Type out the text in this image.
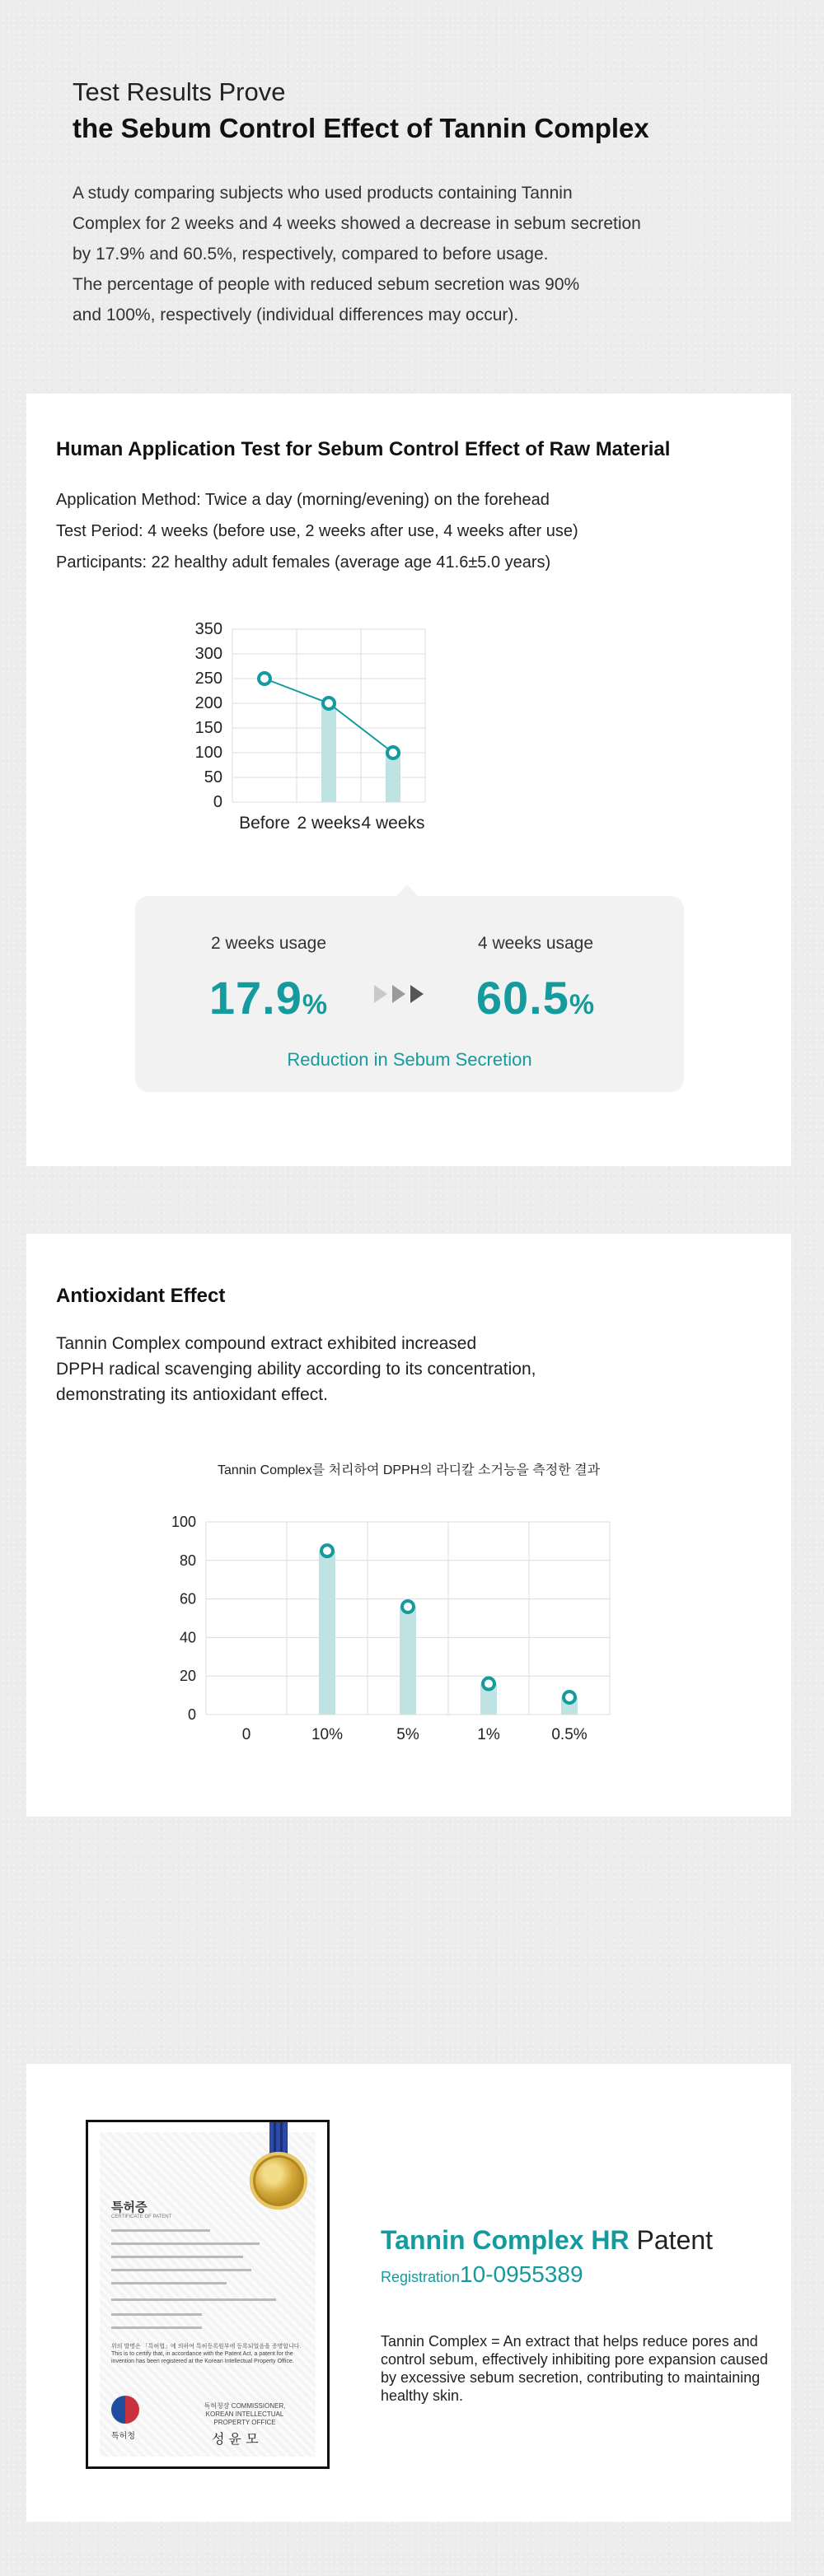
Test Results Prove
the Sebum Control Effect of Tannin Complex

A study comparing subjects who used products containing Tannin

Complex for 2 weeks and 4 weeks showed a decrease in sebum secretion

by 17.9% and 60.5%, respectively, compared to before usage.

The percentage of people with reduced sebum secretion was 90%

and 100%, respectively (individual differences may occur).

Human Application Test for Sebum Control Effect of Raw Material
Application Method: Twice a day (morning/evening) on the forehead
Test Period: 4 weeks (before use, 2 weeks after use, 4 weeks after use)
Participants: 22 healthy adult females (average age 41.6±5.0 years)
0
50
100
150
200
250
300
350
Before 2 weeks 4 weeks
2 weeks usage
17.9%
4 weeks usage
60.5%
Reduction in Sebum Secretion
Antioxidant Effect

Tannin Complex compound extract exhibited increased

DPPH radical scavenging ability according to its concentration,

demonstrating its antioxidant effect.

Tannin Complex를 처리하여 DPPH의 라디칼 소거능을 측정한 결과
0
20
40
60
80
100
0	10%	5%	1%	0.5%
특허증
CERTIFICATE OF PATENT
위의 발명은 「특허법」에 의하여 특허등록원부에 등록되었음을 증명합니다. This is to certify that, in accordance with the Patent Act, a patent for the invention has been registered at the Korean Intellectual Property Office.
특허청
특허청장 COMMISSIONER, KOREAN INTELLECTUAL PROPERTY OFFICE
성 윤 모
Tannin Complex HR Patent
Registration10-0955389
Tannin Complex = An extract that helps reduce pores and control sebum, effectively inhibiting pore expansion caused by excessive sebum secretion, contributing to maintaining healthy skin.
